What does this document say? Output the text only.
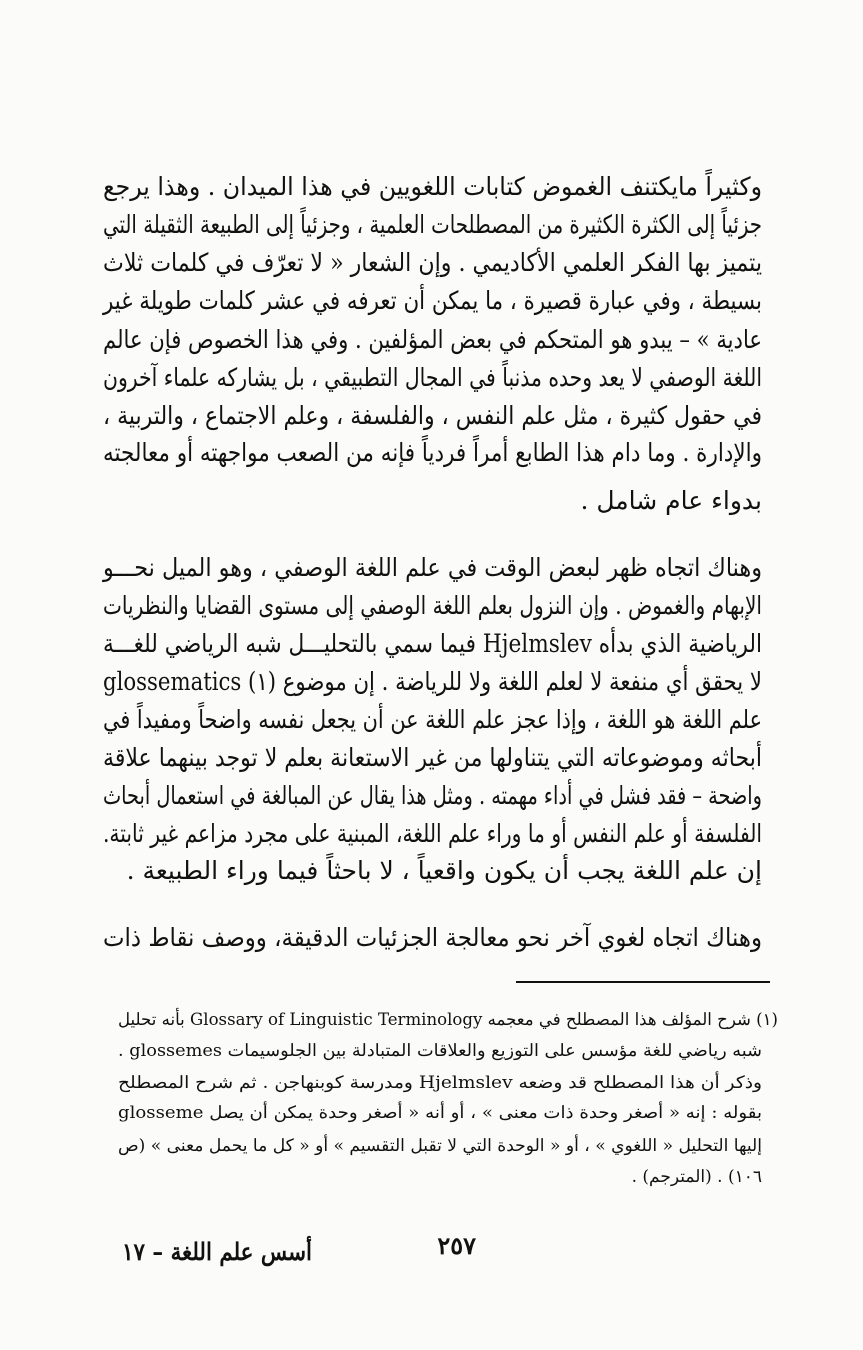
وكثيراً مايكتنف الغموض كتابات اللغويين في هذا الميدان . وهذا يرجع
جزئياً إلى الكثرة الكثيرة من المصطلحات العلمية ، وجزئياً إلى الطبيعة الثقيلة التي
يتميز بها الفكر العلمي الأكاديمي . وإن الشعار « لا تعرّف في كلمات ثلاث
بسيطة ، وفي عبارة قصيرة ، ما يمكن أن تعرفه في عشر كلمات طويلة غير
عادية » – يبدو هو المتحكم في بعض المؤلفين . وفي هذا الخصوص فإن عالم
اللغة الوصفي لا يعد وحده مذنباً في المجال التطبيقي ، بل يشاركه علماء آخرون
في حقول كثيرة ، مثل علم النفس ، والفلسفة ، وعلم الاجتماع ، والتربية ،
والإدارة . وما دام هذا الطابع أمراً فردياً فإنه من الصعب مواجهته أو معالجته
بدواء عام شامل .
وهناك اتجاه ظهر لبعض الوقت في علم اللغة الوصفي ، وهو الميل نحـــو
الإبهام والغموض . وإن النزول بعلم اللغة الوصفي إلى مستوى القضايا والنظريات
الرياضية الذي بدأه Hjelmslev فيما سمي بالتحليـــل شبه الرياضي للغـــة
glossematics (١) لا يحقق أي منفعة لا لعلم اللغة ولا للرياضة . إن موضوع
علم اللغة هو اللغة ، وإذا عجز علم اللغة عن أن يجعل نفسه واضحاً ومفيداً في
أبحاثه وموضوعاته التي يتناولها من غير الاستعانة بعلم لا توجد بينهما علاقة
واضحة – فقد فشل في أداء مهمته . ومثل هذا يقال عن المبالغة في استعمال أبحاث
الفلسفة أو علم النفس أو ما وراء علم اللغة، المبنية على مجرد مزاعم غير ثابتة.
إن علم اللغة يجب أن يكون واقعياً ، لا باحثاً فيما وراء الطبيعة .
وهناك اتجاه لغوي آخر نحو معالجة الجزئيات الدقيقة، ووصف نقاط ذات
(١) شرح المؤلف هذا المصطلح في معجمه Glossary of Linguistic Terminology بأنه تحليل
شبه رياضي للغة مؤسس على التوزيع والعلاقات المتبادلة بين الجلوسيمات glossemes .
وذكر أن هذا المصطلح قد وضعه Hjelmslev ومدرسة كوبنهاجن . ثم شرح المصطلح
glosseme بقوله : إنه « أصغر وحدة ذات معنى » ، أو أنه « أصغر وحدة يمكن أن يصل
إليها التحليل « اللغوي » ، أو « الوحدة التي لا تقبل التقسيم » أو « كل ما يحمل معنى » (ص
١٠٦) . (المترجم) .
٢٥٧
أسس علم اللغة – ١٧
